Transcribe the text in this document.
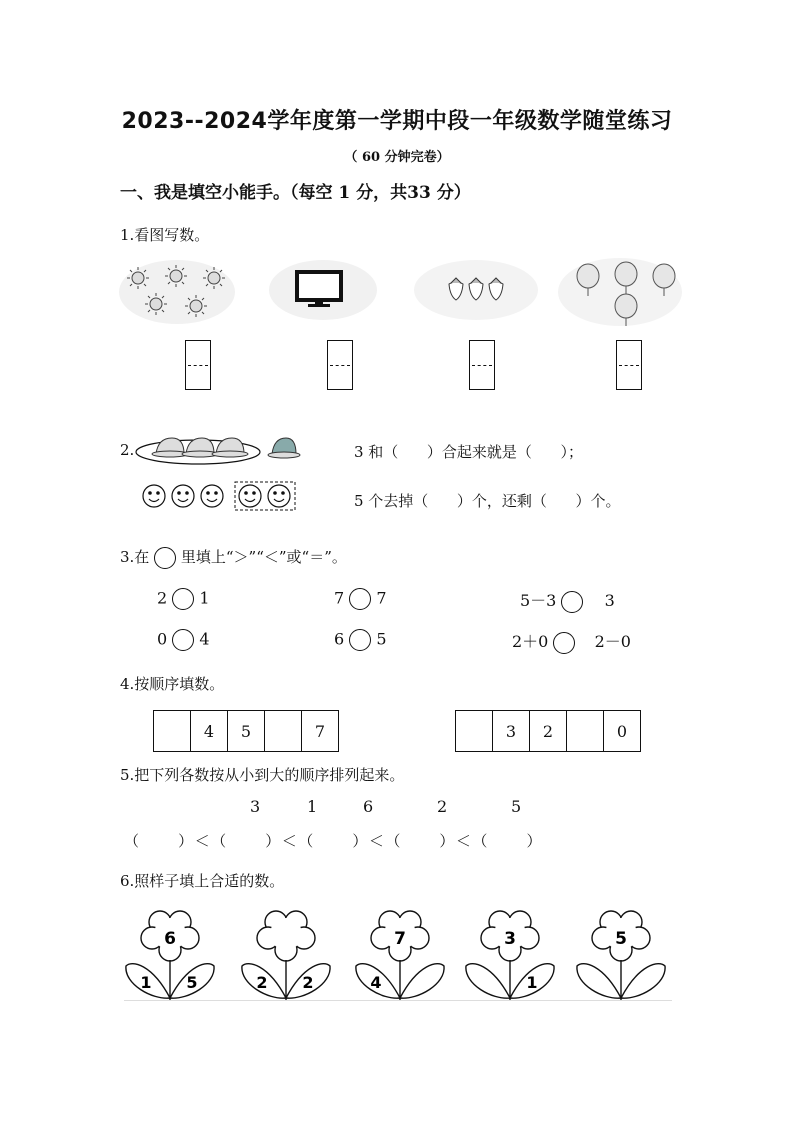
2023--2024学年度第一学期中段一年级数学随堂练习
（ 60 分钟完卷）
一、我是填空小能手。（每空 1 分，共33 分）
1.看图写数。
2.	3 和（      ）合起来就是（      ）；
5 个去掉（      ）个，还剩（      ）个。
3.在 里填上“＞”“＜”或“＝”。
2 1	7 7	5－3	3
0 4	6 5	2＋0	2－0
4.按顺序填数。
	4	5		7
		3	2		0
5.把下列各数按从小到大的顺序排列起来。
3	1	6	2	5
（      ）＜（      ）＜（      ）＜（      ）＜（      ）
6.照样子填上合适的数。
6
1 5	2 2
7
4
3
1
5
